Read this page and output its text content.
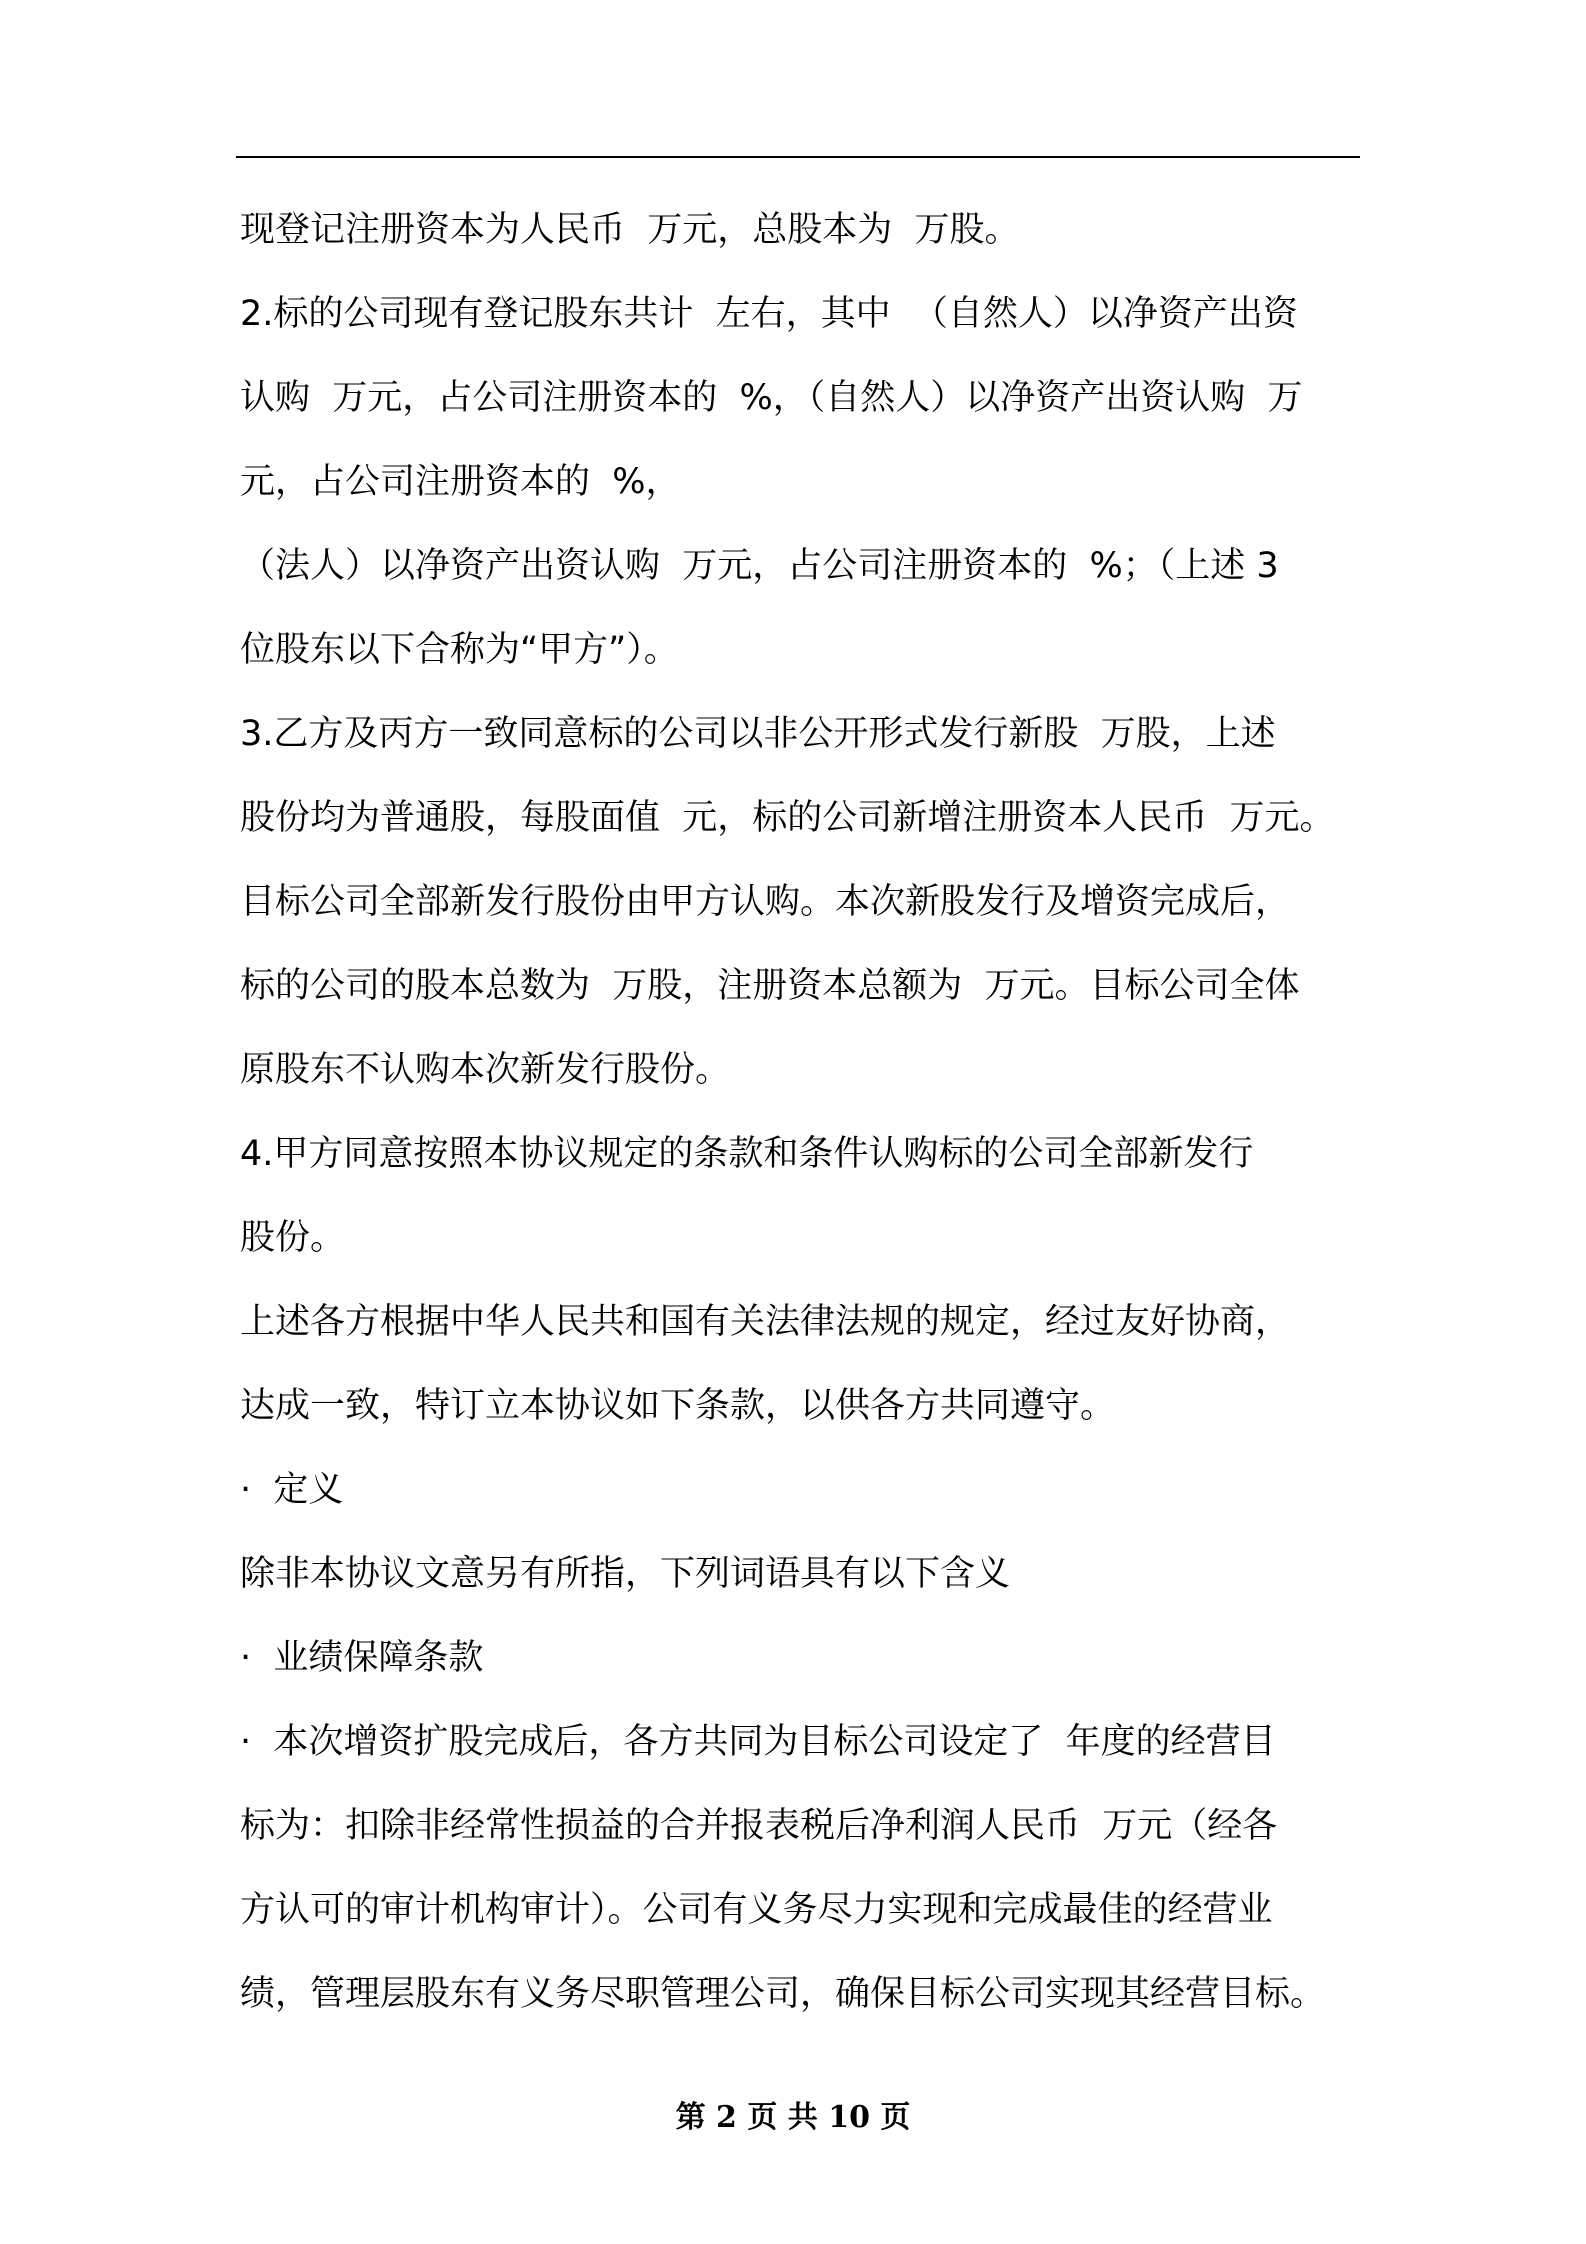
现登记注册资本为人民币  万元，总股本为  万股。
2.标的公司现有登记股东共计  左右，其中  （自然人）以净资产出资
认购  万元，占公司注册资本的  %，（自然人）以净资产出资认购  万
元，占公司注册资本的  %，
（法人）以净资产出资认购  万元，占公司注册资本的  %；（上述 3
位股东以下合称为“甲方”）。
3.乙方及丙方一致同意标的公司以非公开形式发行新股  万股，上述
股份均为普通股，每股面值  元，标的公司新增注册资本人民币  万元。
目标公司全部新发行股份由甲方认购。本次新股发行及增资完成后，
标的公司的股本总数为  万股，注册资本总额为  万元。目标公司全体
原股东不认购本次新发行股份。
4.甲方同意按照本协议规定的条款和条件认购标的公司全部新发行
股份。
上述各方根据中华人民共和国有关法律法规的规定，经过友好协商，
达成一致，特订立本协议如下条款，以供各方共同遵守。
·  定义
除非本协议文意另有所指，下列词语具有以下含义
·  业绩保障条款
·  本次增资扩股完成后，各方共同为目标公司设定了  年度的经营目
标为：扣除非经常性损益的合并报表税后净利润人民币  万元（经各
方认可的审计机构审计）。公司有义务尽力实现和完成最佳的经营业
绩，管理层股东有义务尽职管理公司，确保目标公司实现其经营目标。
第 2 页 共 10 页
